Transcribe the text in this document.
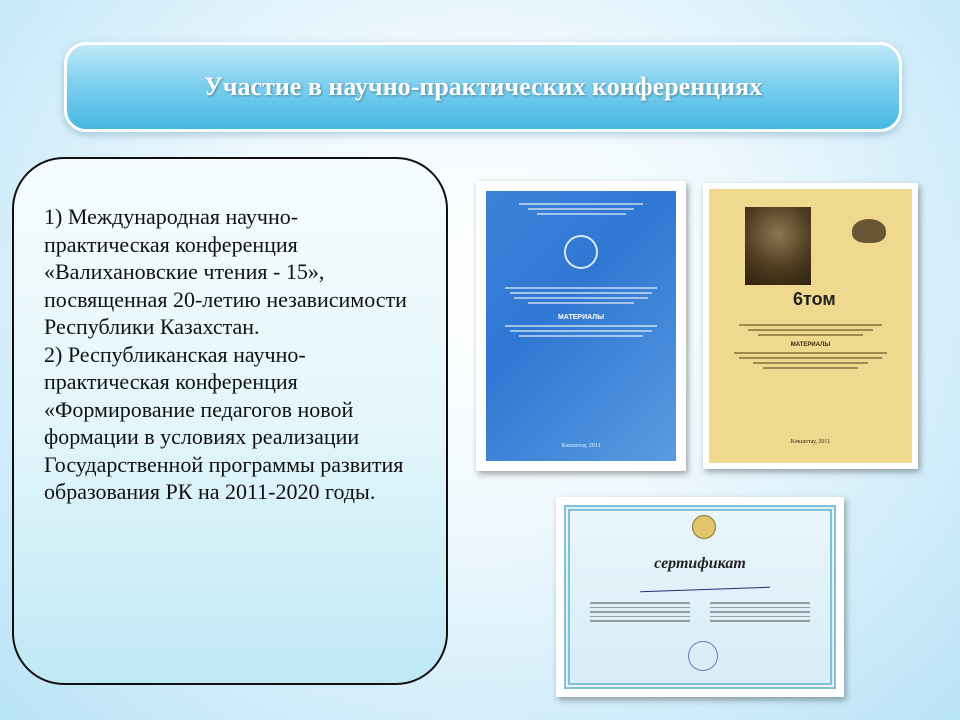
Участие в научно-практических конференциях

1) Международная научно-практическая конференция «Валихановские чтения - 15», посвященная 20-летию независимости Республики Казахстан.

2) Республиканская научно-практическая конференция «Формирование педагогов новой формации в условиях реализации Государственной программы развития образования РК на 2011-2020 годы.

МАТЕРИАЛЫ
Көкшетау, 2011
6том
МАТЕРИАЛЫ
Көкшетау, 2011
сертификат
